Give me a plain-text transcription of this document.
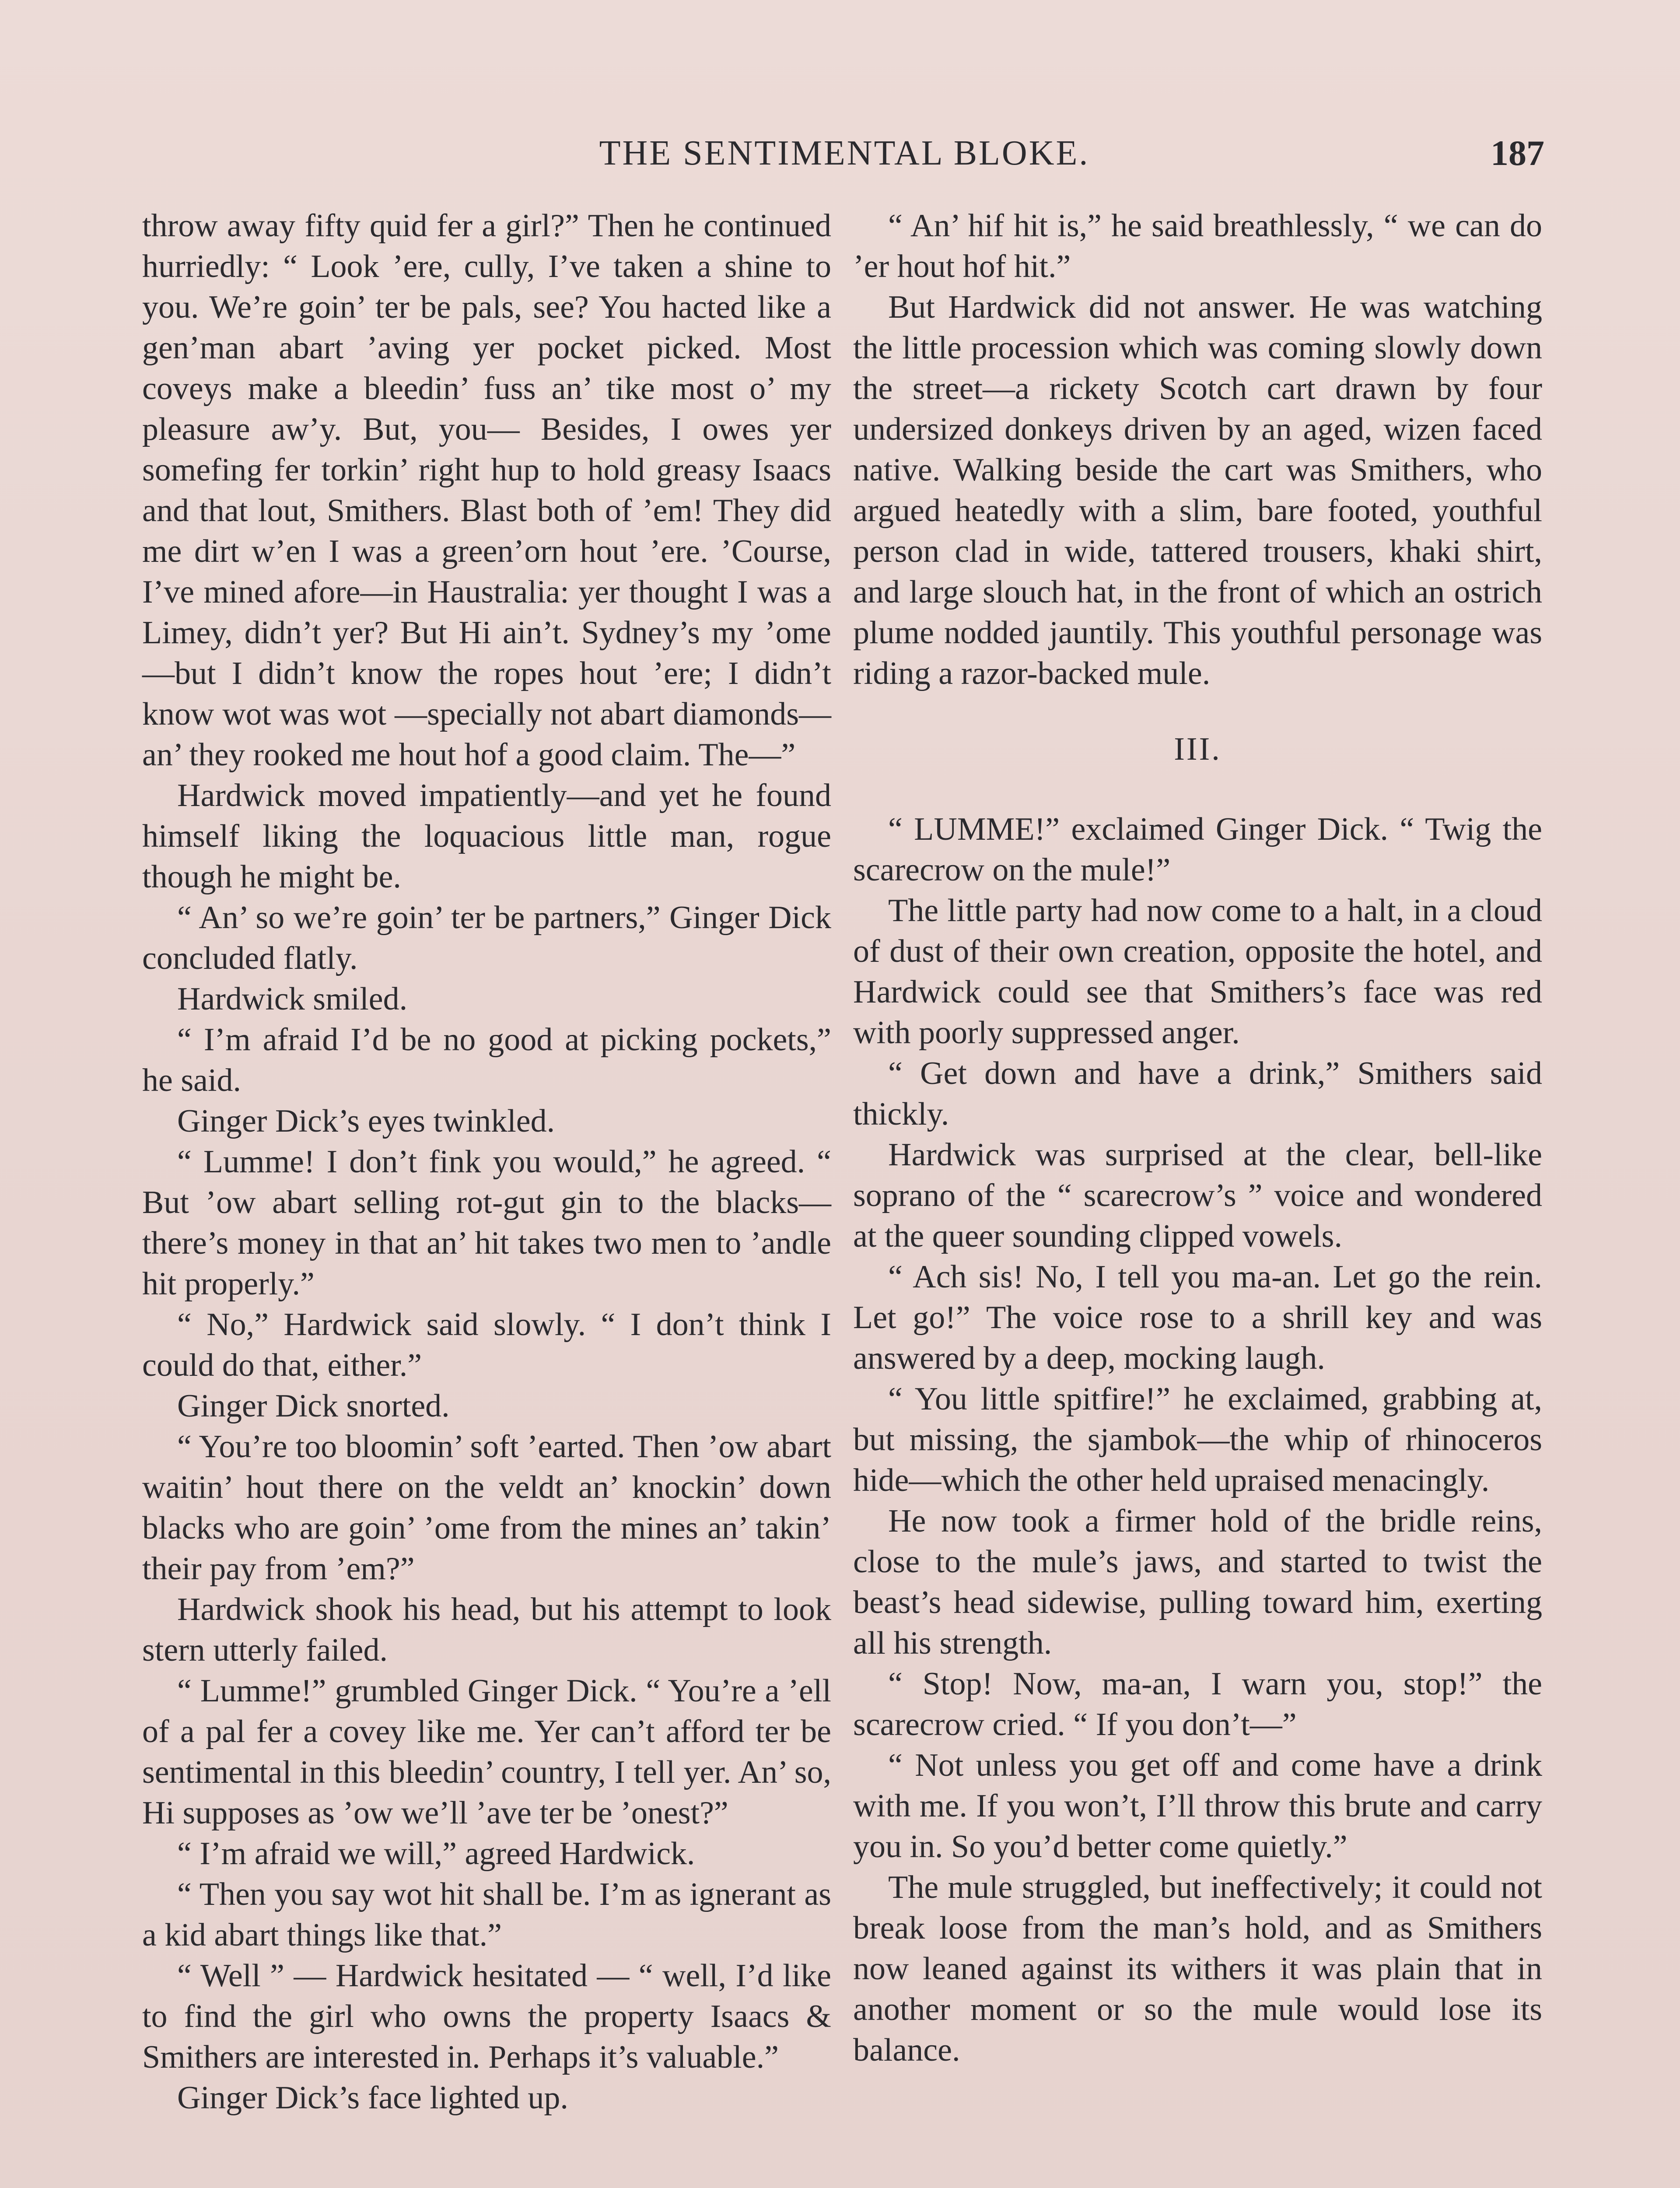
THE SENTIMENTAL BLOKE.	187

throw away fifty quid fer a girl?” Then he continued hurriedly: “ Look ’ere, cully, I’ve taken a shine to you. We’re goin’ ter be pals, see? You hacted like a gen’man abart ’aving yer pocket picked. Most coveys make a bleedin’ fuss an’ tike most o’ my pleasure aw’y. But, you— Besides, I owes yer somefing fer torkin’ right hup to hold greasy Isaacs and that lout, Smithers. Blast both of ’em! They did me dirt w’en I was a green’orn hout ’ere. ’Course, I’ve mined afore—in Haustralia: yer thought I was a Limey, didn’t yer? But Hi ain’t. Sydney’s my ’ome—but I didn’t know the ropes hout ’ere; I didn’t know wot was wot —specially not abart diamonds—an’ they rooked me hout hof a good claim. The—”

Hardwick moved impatiently—and yet he found himself liking the loquacious little man, rogue though he might be.

“ An’ so we’re goin’ ter be partners,” Ginger Dick concluded flatly.

Hardwick smiled.

“ I’m afraid I’d be no good at picking pockets,” he said.

Ginger Dick’s eyes twinkled.

“ Lumme! I don’t fink you would,” he agreed. “ But ’ow abart selling rot-gut gin to the blacks—there’s money in that an’ hit takes two men to ’andle hit properly.”

“ No,” Hardwick said slowly. “ I don’t think I could do that, either.”

Ginger Dick snorted.

“ You’re too bloomin’ soft ’earted. Then ’ow abart waitin’ hout there on the veldt an’ knockin’ down blacks who are goin’ ’ome from the mines an’ takin’ their pay from ’em?”

Hardwick shook his head, but his attempt to look stern utterly failed.

“ Lumme!” grumbled Ginger Dick. “ You’re a ’ell of a pal fer a covey like me. Yer can’t afford ter be sentimental in this bleedin’ country, I tell yer. An’ so, Hi supposes as ’ow we’ll ’ave ter be ’onest?”

“ I’m afraid we will,” agreed Hardwick.

“ Then you say wot hit shall be. I’m as ignerant as a kid abart things like that.”

“ Well ” — Hardwick hesitated — “ well, I’d like to find the girl who owns the property Isaacs & Smithers are interested in. Perhaps it’s valuable.”

Ginger Dick’s face lighted up.

“ An’ hif hit is,” he said breathlessly, “ we can do ’er hout hof hit.”

But Hardwick did not answer. He was watching the little procession which was coming slowly down the street—a rickety Scotch cart drawn by four undersized donkeys driven by an aged, wizen faced native. Walking beside the cart was Smithers, who argued heatedly with a slim, bare footed, youthful person clad in wide, tattered trousers, khaki shirt, and large slouch hat, in the front of which an ostrich plume nodded jauntily. This youthful personage was riding a razor-backed mule.

III.

“ LUMME!” exclaimed Ginger Dick. “ Twig the scarecrow on the mule!”

The little party had now come to a halt, in a cloud of dust of their own creation, opposite the hotel, and Hardwick could see that Smithers’s face was red with poorly suppressed anger.

“ Get down and have a drink,” Smithers said thickly.

Hardwick was surprised at the clear, bell-like soprano of the “ scarecrow’s ” voice and wondered at the queer sounding clipped vowels.

“ Ach sis! No, I tell you ma-an. Let go the rein. Let go!” The voice rose to a shrill key and was answered by a deep, mocking laugh.

“ You little spitfire!” he exclaimed, grabbing at, but missing, the sjambok—the whip of rhinoceros hide—which the other held upraised menacingly.

He now took a firmer hold of the bridle reins, close to the mule’s jaws, and started to twist the beast’s head sidewise, pulling toward him, exerting all his strength.

“ Stop! Now, ma-an, I warn you, stop!” the scarecrow cried. “ If you don’t—”

“ Not unless you get off and come have a drink with me. If you won’t, I’ll throw this brute and carry you in. So you’d better come quietly.”

The mule struggled, but ineffectively; it could not break loose from the man’s hold, and as Smithers now leaned against its withers it was plain that in another moment or so the mule would lose its balance.
